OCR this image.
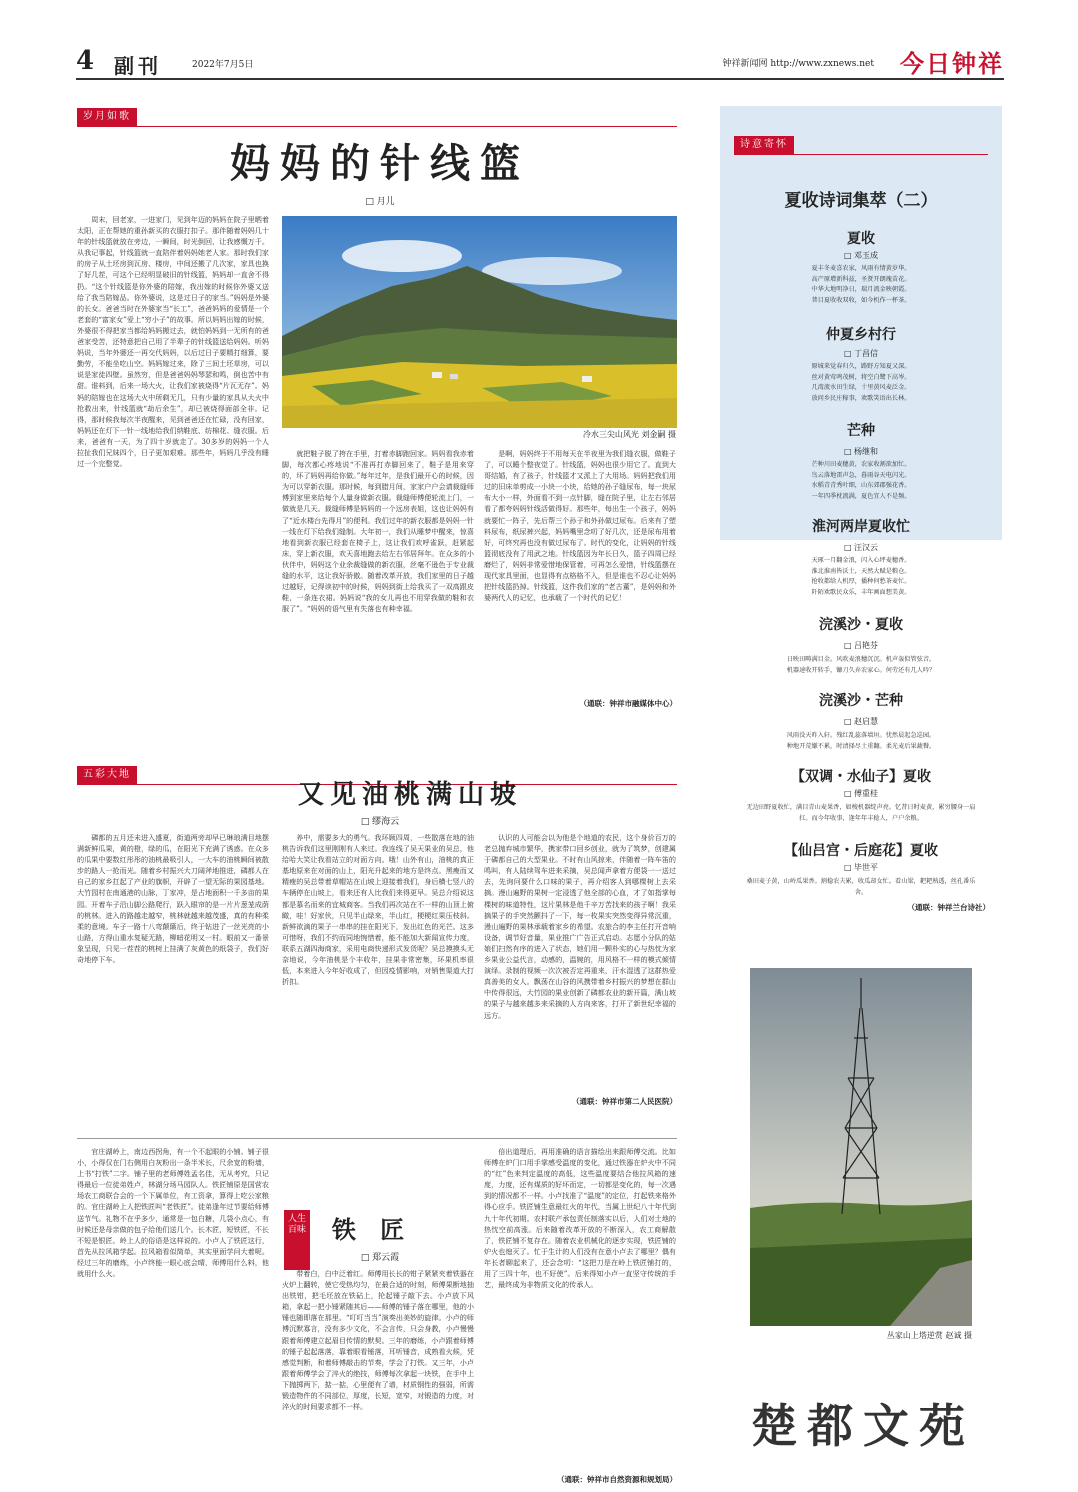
4 副刊	2022年7月5日	钟祥新闻网 http://www.zxnews.net 今日钟祥
岁月如歌
妈妈的针线篮
□ 月儿

周末，回老家，一进家门，见到年迈的妈妈在院子里晒着太阳，正在帮她的重孙新买的衣服打扣子。那伴随着妈妈几十年的针线篮就放在旁边，一瞬间，时光倒回，让我感慨万千。从我记事起，针线篮就一直陪伴着妈妈她老人家。那时我们家的房子从土坯房到瓦房、楼房，中间还搬了几次家，家具也换了好几茬，可这个已经明显破旧的针线篮，妈妈却一直舍不得扔。“这个针线篮是你外婆的陪嫁，我出嫁的时候你外婆又送给了我当陪嫁品。你外婆说，这是过日子的家当。”妈妈是外婆的长女。爸爸当时在外婆家当“长工”，爸爸妈妈的爱情是一个老套的“富家女”爱上“穷小子”的故事。所以妈妈出嫁的时候，外婆很不得把家当都给妈妈搬过去，就怕妈妈到一无所有的爸爸家受苦，还特意把自己用了半辈子的针线篮送给妈妈。听妈妈说，当年外婆还一再交代妈妈，以后过日子要精打细算，要勤劳，不能坐吃山空。妈妈嫁过来，除了三间土坯草房，可以说是家徒四壁。虽然穷，但是爸爸妈妈琴瑟和鸣，倒也苦中有甜。谁料到，后来一场大火，让我们家被烧得“片瓦无存”。妈妈的陪嫁也在这场大火中所剩无几，只有少量的家具从大火中抢救出来，针线篮就“劫后余生”，却已被烧得面部全非。记得，那时候我每次半夜醒来，见到爸爸还在忙碌，没有回家，妈妈还在灯下一针一线地给我们纳鞋底、纺棉花、缝衣服。后来，爸爸有一天，为了四十岁就走了。30多岁的妈妈一个人拉扯我们兄妹四个，日子更加艰难。那些年，妈妈几乎没有睡过一个完整觉。

冷水三尖山风光 刘金嗣 摄

就把鞋子脱了挎在手里，打着赤脚跑回家。妈妈看我赤着脚，每次都心疼地说“不准再打赤脚回来了，鞋子是用来穿的，坏了妈妈再给你做。”每年过年，是我们最开心的时候，因为可以穿新衣服。那时候，每到腊月间，家家户户会请裁缝师傅到家里来给每个人量身做新衣服。裁缝师傅便轮流上门，一做就是几天。裁缝师傅是妈妈的一个远房表姐，这也让妈妈有了“近水楼台先得月”的便利。我们过年的新衣服都是妈妈一针一线在灯下给我们缝制。大年初一，我们从睡梦中醒来，惊喜地看到新衣服已经套在椅子上，这让我们欢呼雀跃，赶紧起床，穿上新衣服，欢天喜地跑去给左右邻居拜年。在众多的小伙伴中，妈妈这个业余裁缝做的新衣服，丝毫不逊色于专业裁缝的水平，这让我好骄傲。随着改革开放，我们家里的日子越过越好，记得读初中的时候，妈妈到街上给我买了一双高跟皮鞋，一条连衣裙。妈妈说“我的女儿再也不用穿我做的鞋和衣服了”。“妈妈的语气里有失落也有种幸福。

是啊，妈妈终于不用每天在半夜里为我们缝衣服，做鞋子了，可以睡个整夜觉了。针线篮，妈妈也很少用它了。直到大哥结婚，有了孩子，针线篮才又派上了大用场。妈妈把我们用过的旧床单剪成一小块一小块，给她的孙子缝尿布，每一块尿布大小一样，外面看不到一点针脚，缝在院子里，让左右邻居看了都夸妈妈针线活做得好。那些年，每出生一个孩子，妈妈就要忙一阵子，先后帮三个孙子和外孙做过尿布。后来有了塑料尿布，纸尿裤兴起，妈妈嘴里念叨了好几次，还是尿布用着好，可终究再也没有做过尿布了。时代的变化，让妈妈的针线篮彻底没有了用武之地。针线篮因为年长日久，篮子四周已经磨烂了，妈妈非常爱惜地保管着，可再怎么爱惜，针线篮摆在现代家具里面，也显得有点格格不入，但是谁也不忍心让妈妈把针线篮扔掉。针线篮，这件我们家的“老古董”，是妈妈和外婆两代人的记忆，也承载了一个时代的记忆！

（通联：钟祥市融媒体中心）
五彩大地
又见油桃满山坡
□ 缪海云

磷都的五月还未进入盛夏，街道两旁却早已琳琅满目地摆满新鲜瓜果，黄的橙，绿的瓜，在阳光下充满了诱惑。在众多的瓜果中要数红彤彤的油桃最吸引人，一大车的油桃瞬间被散步的路人一抢而光。随着乡村振兴大刀阔斧地推进，磷都人在自己的家乡扛起了产业的旗帜，开辟了一望无际的果园基地。大竹园村在南通港的山脉，丁家冲，是占地面积一千多亩的果园。开着车子沿山脚公路爬行，跃入眼帘的是一片片葱茏成荫的桃林。进入的路越走越窄，桃林就越来越茂盛，真的有种柔柔的意境。车子一路十八弯颠簸后，终于钻进了一丝光亮的小山路，方得山重水复疑无路，柳暗花明又一村。眼前又一番景象呈现，只见一茬茬的桃树上挂满了灰黄色的纸袋子，我们好奇地停下车。

养中，需要多大的勇气。我环顾四周，一些散落在地的油桃告诉我们这里刚刚有人来过。我连线了吴天果业的吴总，他给哈大笑让我看站立的对面方向。哦！山外有山，油桃的真正基地原来在对面的山上，阳光升起来的地方是终点。黑瘦而又精瘦的吴总带着草帽站在山坡上迎接着我们，身后横七竖八的车辆停在山坡上，看来还有人比我们来得更早。吴总介绍说这都是慕名而来的宜城商客。当我们再次站在不一样的山顶上俯瞰，哇！好家伙，只见半山绿来，半山红，梗梗红果压枝斜。新鲜欲滴的果子一串串的挂在阳光下，发出红色的光芒。这多可惜呀，我们不约而同地惋惜着，能不能加大新闻宣传力度，联系五湖四海商家，采用电商快递形式发货呢？吴总摸摸头无奈地说，今年油桃是个丰收年，挂果非常密集，环果机率很低，本来进入今年好收成了，但因疫情影响，对销售渠道大打折扣。

认识的人可能会以为他是个地道的农民，这个身价百万的老总抛弃城市繁华，携家带口回乡创业，就为了筑梦，创建属于磷都自己的大型果业。不时有山风掠来，伴随着一阵车笛的鸣叫，有人陆续驾车进来采摘，吴总闻声拿着方便袋一一送过去，先询问要什么口味的果子，再介绍客人到哪棵树上去采摘。漫山遍野的果树一定浸透了他全部的心血，才了如指掌每棵树的味道特性，这片果林是他千辛万苦找来的孩子啊！我采摘果子的手突然颤抖了一下，每一枚果实突然变得异常沉重，漫山遍野的果林承载着家乡的希望。农旅合的李主任打开音响设备，调节好音量，果业推广广告正式启动。志愿小分队的姑娘们扫然有序的进入了状态，她们用一颗朴实的心与热忱为家乡果业公益代言，动感的，温婉的，用风格不一样的模式倾情演绎。录制的视频一次次被否定再重来，汗水湿透了这群热爱真善美的女人。飘荡在山谷的风携带着乡村振兴的梦想在群山中传得很远，大竹园的果业创新了磷都农业的新开篇，满山坡的果子与越来越多来采摘的人方向来客，打开了新世纪幸福的远方。

（通联：钟祥市第二人民医院）

官庄湖岭上，南边西拐角，有一个不起眼的小铺。铺子很小，小得仅在门右侧用白灰粉出一条半米长，尺余宽的粉墙，上书“打铁”二字。铺子里的老师傅姓孟名佳，无从考究，只记得最后一位徒弟姓卢，林湖分场马园队人。铁匠铺原是国营农场农工商联合会的一个下属单位，有工资拿，算得上吃公家粮的。官庄湖岭上人把铁匠叫“老铁匠”。徒弟逢年过节要给师傅送节气。礼物不在乎多少，通常是一包白糖，几袋小点心，有时候还是母亲做的包子给他们送几个。长木匠，短铁匠，不长不短是银匠。岭上人的俗语是这样说的。小卢人了铁匠这行，首先从拉风箱学起。拉风箱看似简单，其实里面学问大着呢。经过三年的磨炼，小卢终能一眼心底会晴，师傅用什么料，他就用什么火。

人生百味	铁 匠
□ 郑云霞

带着白，白中泛着红。师傅用长长的钳子紧紧夹着铁器在火炉上翻转，使它受热均匀，在最合适的时刻，师傅果断地抽出铁钳，把毛坯放在铁砧上，抡起锤子敲下去。小卢放下风箱，拿起一把小锤紧随其后——师傅的锤子落在哪里，他的小锤也随即落在那里。“叮叮当当”演奏出美妙的旋律。小卢的师傅沉默寡言，没有多少文化，不会言传，只会身教，小卢慢慢跟着师傅建立起眉目传情的默契。三年的磨练，小卢跟着师傅的锤子起起落落，靠着眼看锤落，耳听锤音，成熟看火候，凭感觉判断，和着师傅敲击的节奏，学会了打铁。又三年，小卢跟着师傅学会了淬火的绝技，师傅每次拿起一块铁，在手中上下抛掷两下，掂一掂，心里便有了谱，材质钢性的强弱，所需锻造物件的不同部位，厚度，长短，宽窄，对锻造的力度，对淬火的时间要求都不一样。

倍出道理后，再用准确的语言描绘出来跟师傅交流。比如师傅在炉门口用手掌感受温度的变化，通过铁器在炉火中不同的“红”色来判定温度的高低，这些温度要结合他拉风箱的速度，力度，还有煤质的好坏而定，一切都是变化的，每一次遇到的情况都不一样。小卢找准了“温度”的定位，打起铁来格外得心应手。铁匠铺生意最红火的年代，当属上世纪八十年代到九十年代初期。农村联产承包责任制落实以后，人们对土地的热忱空前高涨。后来随着改革开放的不断深入，农工商解散了，铁匠铺不复存在。随着农业机械化的逐步实现，铁匠铺的炉火也熄灭了。忙于生计的人们没有在意小卢去了哪里？偶有年长者聊起来了，还会念叨：“这把刀是在岭上铁匠铺打的，用了三四十年，也不好使”。后来得知小卢一直坚守传统的手艺，最终成为非物质文化的传承人。

（通联：钟祥市自然资源和规划局）
诗意寄怀
夏收诗词集萃（二）
夏收
□ 邓玉成
夏丰冬麦喜农家，风雨有情黄岁华。
高产原增新科兹，圣贤开朗瑰苗花。
中华大地明净日，瑞月流金映朝霞。
普目夏收收双收，如今机作一杯茶。
仲夏乡村行
□ 丁昌信
原城来觉春归久，路野方知夏又深。
丝对黄莺鸣茂树，将空白鹭下高岑。
几湾流水田生绿，十里黄风麦泛金。
放问乡民庄稼事，欢歌笑语出长林。
芒种
□ 杨继和
芒种川田麦穗黄，农家收割欲加忙。
鸟云落地雷声急，暮雨谷天电闪光。
水稻青青秀叶细，山东郊郡强花香。
一年四季枕流满，夏色宜人不是频。
淮河两岸夏收忙
□ 汪汉云
天琢一月翻金浪，闪入心坪麦穗香。
淮北淮南皆沃土，天然大赋是粮仓。
抢收都给人机厚，播种何愁茶麦忙。
阡陌欢歌民众乐，丰年画面想美黄。
浣溪沙・夏收
□ 吕艳芬
日映田畴满目金。风吹麦浪穗沉沉。机声轰似管弦音。
机器速收开转手，镰刀久弃农家心。何劳还有几人吟？
浣溪沙・芒种
□ 赵启慧
风雨没天昨入轩。残红乱蕊落墙垣。忧然晨起急巡园。
种地开荒嫌不累，时清择尽土重翻。柔光麦后果蔬餐。
【双调・水仙子】夏收
□ 傅重桂
无边田野夏收忙，满目青山麦果香，如梭机器绽声亮。忆昔日时麦黄，累穷腰身一肩扛。而今年收事，逢年年丰稔人，户户余粮。
【仙吕宫・后庭花】夏收
□ 毕世平
桑田麦子黄，山岭瓜果香。割稳农夫累，收瓜却女忙。看山梁，耙耙熟透，丝孔番乐舍。
（通联：钟祥兰台诗社）
丛家山上塔逆赏 赵诚 摄
楚都文苑
